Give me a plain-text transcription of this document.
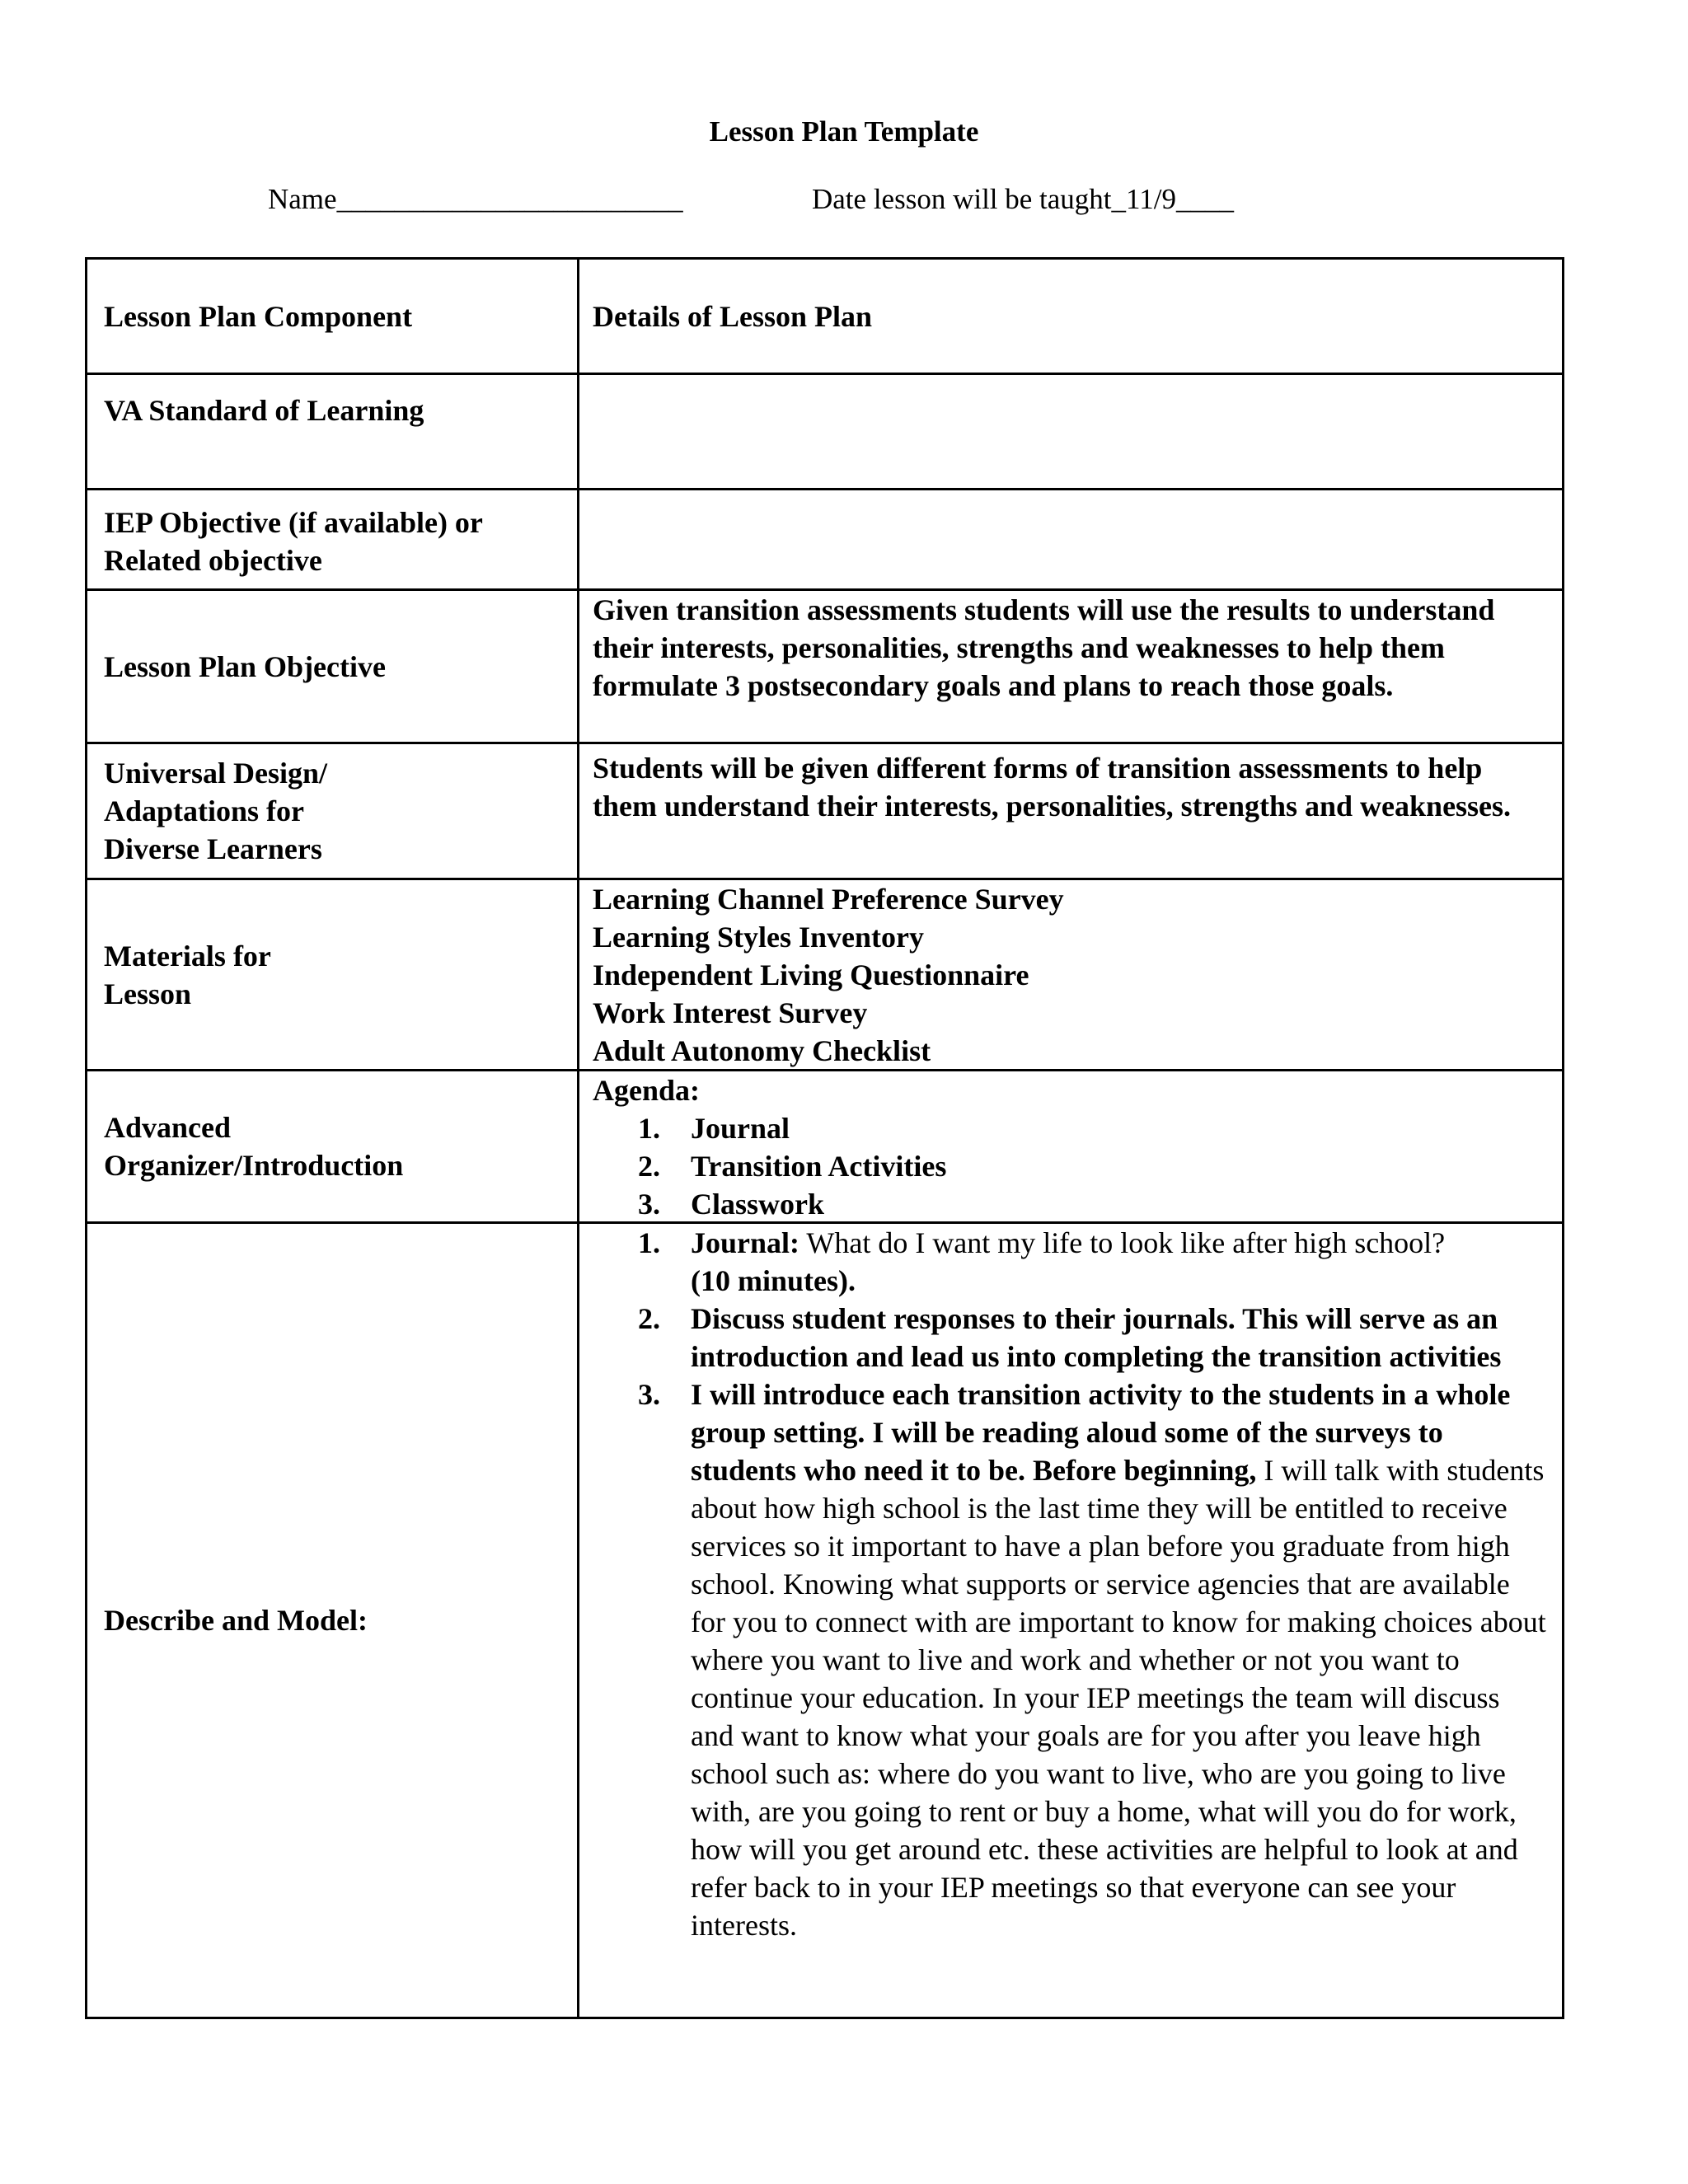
Lesson Plan Template
Name________________________	Date lesson will be taught_11/9____
Lesson Plan Component	Details of Lesson Plan
VA Standard of Learning
IEP Objective (if available) or Related objective
Lesson Plan Objective
Given transition assessments students will use the results to understand their interests, personalities, strengths and weaknesses to help them formulate 3 postsecondary goals and plans to reach those goals.
Universal Design/
Adaptations for
Diverse Learners
Students will be given different forms of transition assessments to help them understand their interests, personalities, strengths and weaknesses.
Materials for
Lesson
Learning Channel Preference Survey
Learning Styles Inventory
Independent Living Questionnaire
Work Interest Survey
Adult Autonomy Checklist
Advanced
Organizer/Introduction
Agenda:
1. Journal
2. Transition Activities
3. Classwork
Describe and Model:
1. Journal: What do I want my life to look like after high school?
(10 minutes).
2. Discuss student responses to their journals. This will serve as an introduction and lead us into completing the transition activities
3. I will introduce each transition activity to the students in a whole group setting. I will be reading aloud some of the surveys to students who need it to be. Before beginning, I will talk with students about how high school is the last time they will be entitled to receive services so it important to have a plan before you graduate from high school. Knowing what supports or service agencies that are available for you to connect with are important to know for making choices about where you want to live and work and whether or not you want to continue your education. In your IEP meetings the team will discuss and want to know what your goals are for you after you leave high school such as: where do you want to live, who are you going to live with, are you going to rent or buy a home, what will you do for work, how will you get around etc. these activities are helpful to look at and refer back to in your IEP meetings so that everyone can see your interests.
